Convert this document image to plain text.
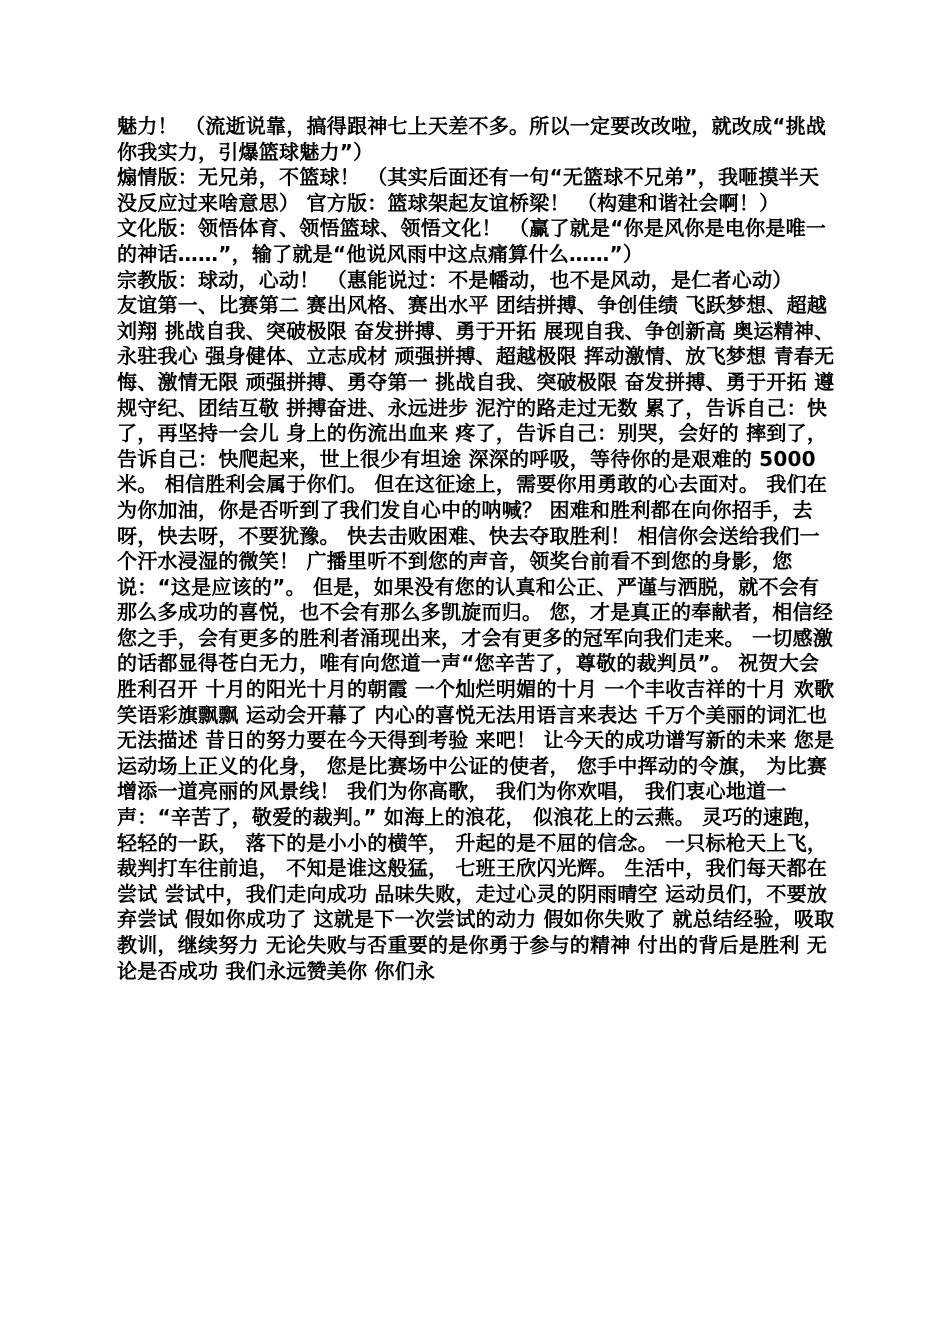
魅力！ （流逝说靠，搞得跟神七上天差不多。所以一定要改改啦，就改成“挑战你我实力，引爆篮球魅力”）

煽情版：无兄弟，不篮球！ （其实后面还有一句“无篮球不兄弟”，我咂摸半天没反应过来啥意思） 官方版：篮球架起友谊桥梁！ （构建和谐社会啊！）

文化版：领悟体育、领悟篮球、领悟文化！ （赢了就是“你是风你是电你是唯一的神话……”，输了就是“他说风雨中这点痛算什么……”）

宗教版：球动，心动！ （惠能说过：不是幡动，也不是风动，是仁者心动）

友谊第一、比赛第二 赛出风格、赛出水平 团结拼搏、争创佳绩 飞跃梦想、超越刘翔 挑战自我、突破极限 奋发拼搏、勇于开拓 展现自我、争创新高 奥运精神、永驻我心 强身健体、立志成材 顽强拼搏、超越极限 挥动激情、放飞梦想 青春无悔、激情无限 顽强拼搏、勇夺第一 挑战自我、突破极限 奋发拼搏、勇于开拓 遵规守纪、团结互敬 拼搏奋进、永远进步 泥泞的路走过无数 累了，告诉自己：快了，再坚持一会儿 身上的伤流出血来 疼了，告诉自己：别哭，会好的 摔到了，告诉自己：快爬起来，世上很少有坦途 深深的呼吸，等待你的是艰难的 5000 米。 相信胜利会属于你们。 但在这征途上，需要你用勇敢的心去面对。 我们在为你加油，你是否听到了我们发自心中的呐喊？ 困难和胜利都在向你招手，去呀，快去呀，不要犹豫。 快去击败困难、快去夺取胜利！ 相信你会送给我们一个汗水浸湿的微笑！ 广播里听不到您的声音，领奖台前看不到您的身影，您说：“这是应该的”。 但是，如果没有您的认真和公正、严谨与洒脱，就不会有那么多成功的喜悦，也不会有那么多凯旋而归。 您，才是真正的奉献者，相信经您之手，会有更多的胜利者涌现出来，才会有更多的冠军向我们走来。 一切感激的话都显得苍白无力，唯有向您道一声“您辛苦了，尊敬的裁判员”。 祝贺大会胜利召开 十月的阳光十月的朝霞 一个灿烂明媚的十月 一个丰收吉祥的十月 欢歌笑语彩旗飘飘 运动会开幕了 内心的喜悦无法用语言来表达 千万个美丽的词汇也无法描述 昔日的努力要在今天得到考验 来吧！ 让今天的成功谱写新的未来 您是运动场上正义的化身， 您是比赛场中公证的使者， 您手中挥动的令旗， 为比赛增添一道亮丽的风景线！ 我们为你高歌， 我们为你欢唱， 我们衷心地道一声：“辛苦了，敬爱的裁判。” 如海上的浪花， 似浪花上的云燕。 灵巧的速跑， 轻轻的一跃， 落下的是小小的横竿， 升起的是不屈的信念。 一只标枪天上飞， 裁判打车往前追， 不知是谁这般猛， 七班王欣闪光辉。 生活中，我们每天都在尝试 尝试中，我们走向成功 品味失败，走过心灵的阴雨晴空 运动员们，不要放弃尝试 假如你成功了 这就是下一次尝试的动力 假如你失败了 就总结经验，吸取教训，继续努力 无论失败与否重要的是你勇于参与的精神 付出的背后是胜利 无论是否成功 我们永远赞美你 你们永
